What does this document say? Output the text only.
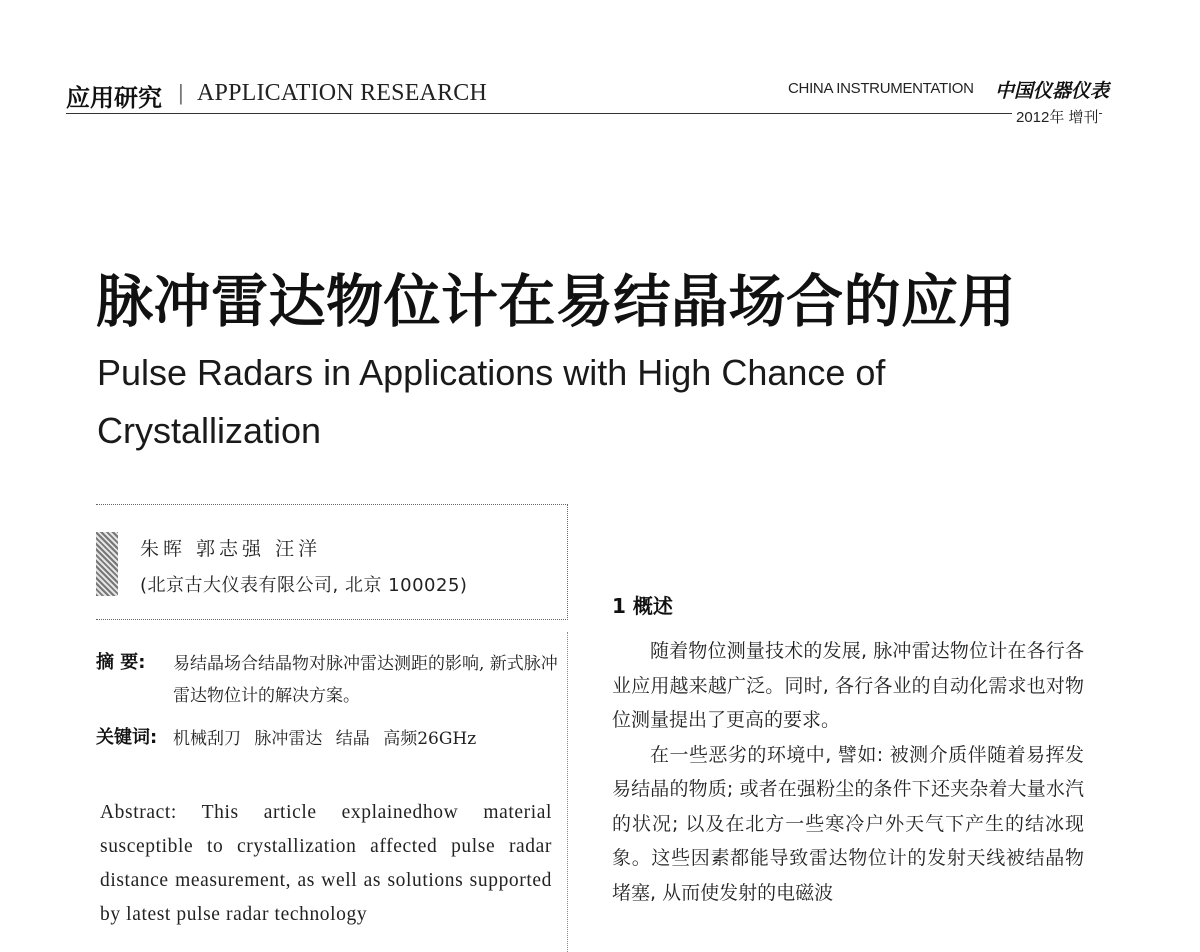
应用研究 | APPLICATION RESEARCH	CHINA INSTRUMENTATION 中国仪器仪表
2012年 增刊
脉冲雷达物位计在易结晶场合的应用
Pulse Radars in Applications with High Chance of Crystallization
朱晖 郭志强 汪洋
(北京古大仪表有限公司, 北京 100025)
摘 要: 易结晶场合结晶物对脉冲雷达测距的影响, 新式脉冲雷达物位计的解决方案。
关键词: 机械刮刀 脉冲雷达 结晶 高频26GHz
Abstract: This article explainedhow material susceptible to crystallization affected pulse radar distance measurement, as well as solutions supported by latest pulse radar technology
1 概述

随着物位测量技术的发展, 脉冲雷达物位计在各行各业应用越来越广泛。同时, 各行各业的自动化需求也对物位测量提出了更高的要求。

在一些恶劣的环境中, 譬如: 被测介质伴随着易挥发易结晶的物质; 或者在强粉尘的条件下还夹杂着大量水汽的状况; 以及在北方一些寒冷户外天气下产生的结冰现象。这些因素都能导致雷达物位计的发射天线被结晶物堵塞, 从而使发射的电磁波
